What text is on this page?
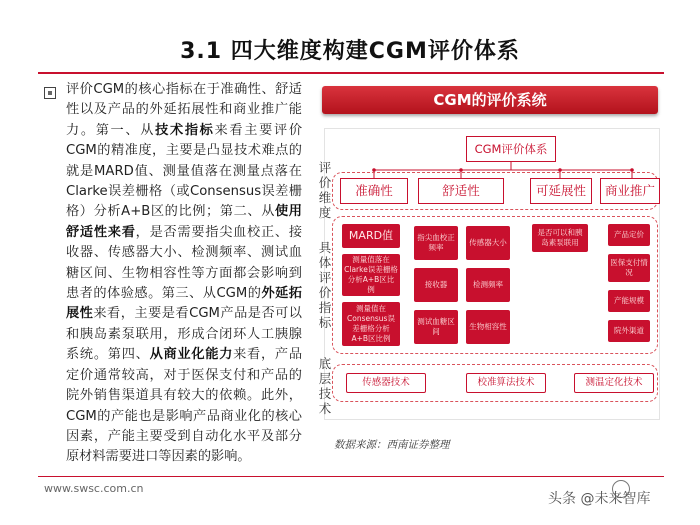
3.1 四大维度构建CGM评价体系
评价CGM的核心指标在于准确性、舒适性以及产品的外延拓展性和商业推广能力。第一、从技术指标来看主要评价CGM的精准度，主要是凸显技术难点的就是MARD值、测量值落在测量点落在Clarke误差栅格（或Consensus误差栅格）分析A+B区的比例；第二、从使用舒适性来看，是否需要指尖血校正、接收器、传感器大小、检测频率、测试血糖区间、生物相容性等方面都会影响到患者的体验感。第三、从CGM的外延拓展性来看，主要是看CGM产品是否可以和胰岛素泵联用，形成合闭环人工胰腺系统。第四、从商业化能力来看，产品定价通常较高，对于医保支付和产品的院外销售渠道具有较大的依赖。此外，CGM的产能也是影响产品商业化的核心因素，产能主要受到自动化水平及部分原材料需要进口等因素的影响。
CGM的评价系统
评价维度
具体评价指标
底层技术
CGM评价体系
准确性	舒适性	可延展性	商业推广
MARD值
测量值落在Clarke误差栅格分析A+B区比例
测量值在Consensus误差栅格分析A+B区比例
指尖血校正频率
接收器
传感器大小
检测频率
测试血糖区间
生物相容性
是否可以和胰岛素泵联用
产品定价
医保支付情况
产能规模
院外渠道
传感器技术	校准算法技术	测温定化技术
数据来源：西南证券整理
www.swsc.com.cn
头条 @未来智库
